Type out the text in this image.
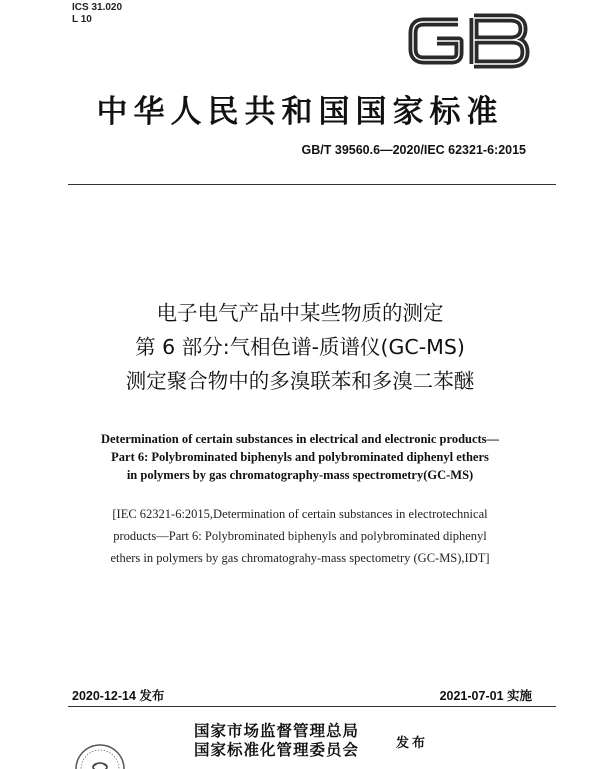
ICS 31.020
L 10
中华人民共和国国家标准
GB/T 39560.6—2020/IEC 62321-6:2015
电子电气产品中某些物质的测定
第 6 部分:气相色谱-质谱仪(GC-MS)
测定聚合物中的多溴联苯和多溴二苯醚
Determination of certain substances in electrical and electronic products—
Part 6: Polybrominated biphenyls and polybrominated diphenyl ethers
in polymers by gas chromatography-mass spectrometry(GC-MS)
[IEC 62321-6:2015,Determination of certain substances in electrotechnical
products—Part 6: Polybrominated biphenyls and polybrominated diphenyl
ethers in polymers by gas chromatograhy-mass spectometry (GC-MS),IDT]
2020-12-14 发布	2021-07-01 实施
国家市场监督管理总局
国家标准化管理委员会	发布
